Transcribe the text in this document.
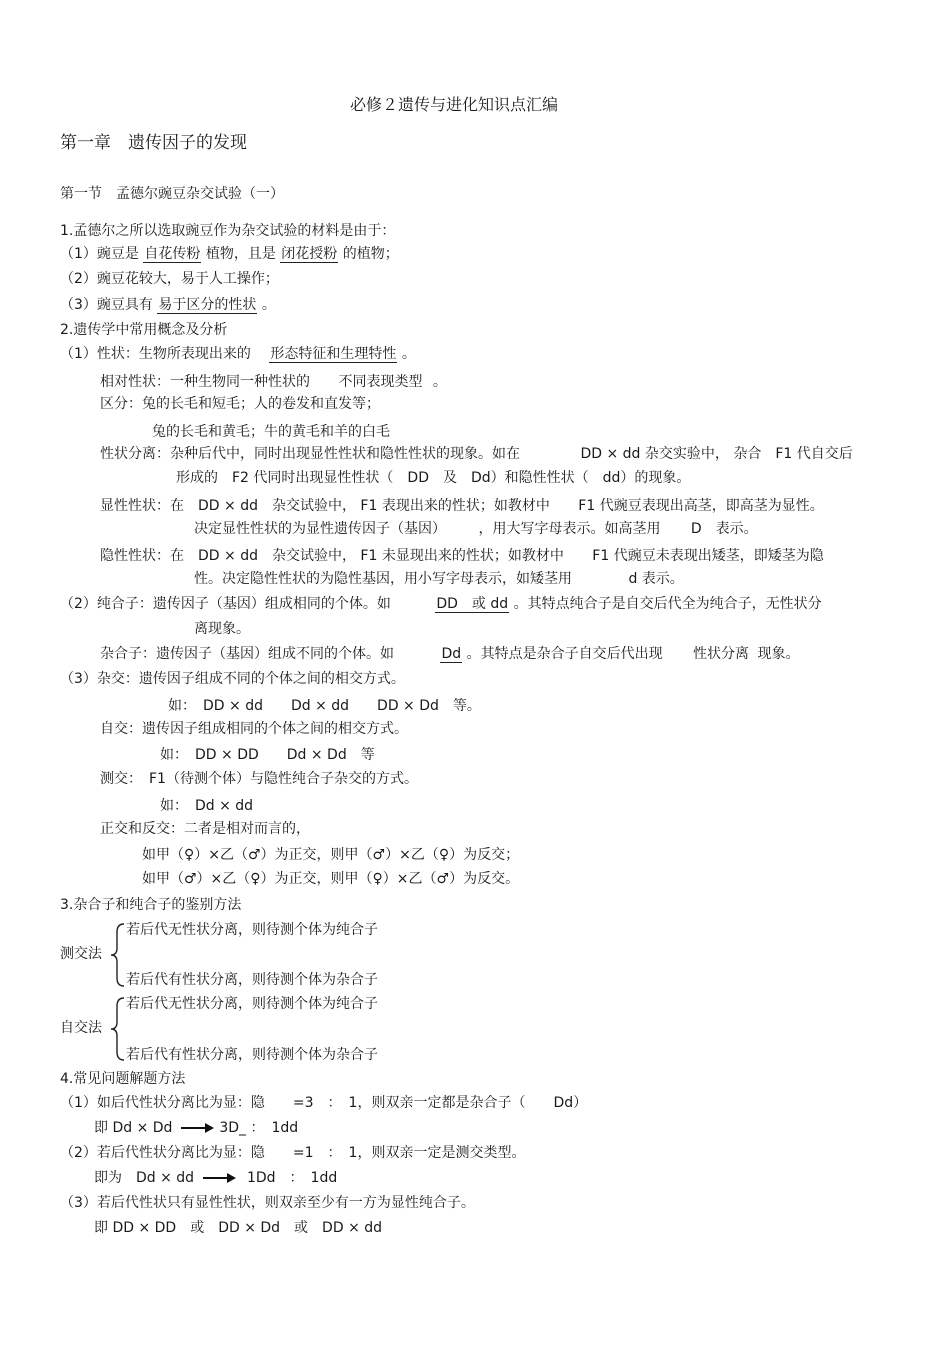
必修２遗传与进化知识点汇编
第一章　遗传因子的发现
第一节　孟德尔豌豆杂交试验（一）
1.孟德尔之所以选取豌豆作为杂交试验的材料是由于：
（1）豌豆是 自花传粉 植物，且是 闭花授粉 的植物；
（2）豌豆花较大，易于人工操作；
（3）豌豆具有 易于区分的性状 。
2.遗传学中常用概念及分析
（1）性状：生物所表现出来的 形态特征和生理特性 。
相对性状：一种生物同一种性状的 不同表现类型 。
区分：兔的长毛和短毛；人的卷发和直发等；
兔的长毛和黄毛；牛的黄毛和羊的白毛
性状分离：杂种后代中，同时出现显性性状和隐性性状的现象。如在	DD × dd 杂交实验中， 杂合　F1 代自交后
形成的　F2 代同时出现显性性状（　DD　及　Dd）和隐性性状（　dd）的现象。
显性性状：在　DD × dd　杂交试验中， F1 表现出来的性状；如教材中 F1 代豌豆表现出高茎，即高茎为显性。
决定显性性状的为显性遗传因子（基因） ，用大写字母表示。如高茎用 D　表示。
隐性性状：在　DD × dd　杂交试验中， F1 未显现出来的性状；如教材中 F1 代豌豆未表现出矮茎，即矮茎为隐
性。决定隐性性状的为隐性基因，用小写字母表示，如矮茎用	d 表示。
（2）纯合子：遗传因子（基因）组成相同的个体。如	DD　或 dd 。其特点纯合子是自交后代全为纯合子，无性状分
离现象。
杂合子：遗传因子（基因）组成不同的个体。如	Dd 。其特点是杂合子自交后代出现 性状分离 现象。
（3）杂交：遗传因子组成不同的个体之间的相交方式。
如：　DD × dd　　Dd × dd　　DD × Dd　等。
自交：遗传因子组成相同的个体之间的相交方式。
如：　DD × DD　　Dd × Dd　等
测交：　F1（待测个体）与隐性纯合子杂交的方式。
如：　Dd × dd
正交和反交：二者是相对而言的，
如甲（♀）×乙（♂）为正交，则甲（♂）×乙（♀）为反交；
如甲（♂）×乙（♀）为正交，则甲（♀）×乙（♂）为反交。
3.杂合子和纯合子的鉴别方法
测交法
若后代无性状分离，则待测个体为纯合子
若后代有性状分离，则待测个体为杂合子
自交法
若后代无性状分离，则待测个体为纯合子
若后代有性状分离，则待测个体为杂合子
4.常见问题解题方法
（1）如后代性状分离比为显：隐　　=3　：　1，则双亲一定都是杂合子（　　Dd）
即 Dd × Dd	3D_ ：　1dd
（2）若后代性状分离比为显：隐　　=1　：　1，则双亲一定是测交类型。
即为　Dd × dd	1Dd　：　1dd
（3）若后代性状只有显性性状，则双亲至少有一方为显性纯合子。
即 DD × DD　或　DD × Dd　或　DD × dd
